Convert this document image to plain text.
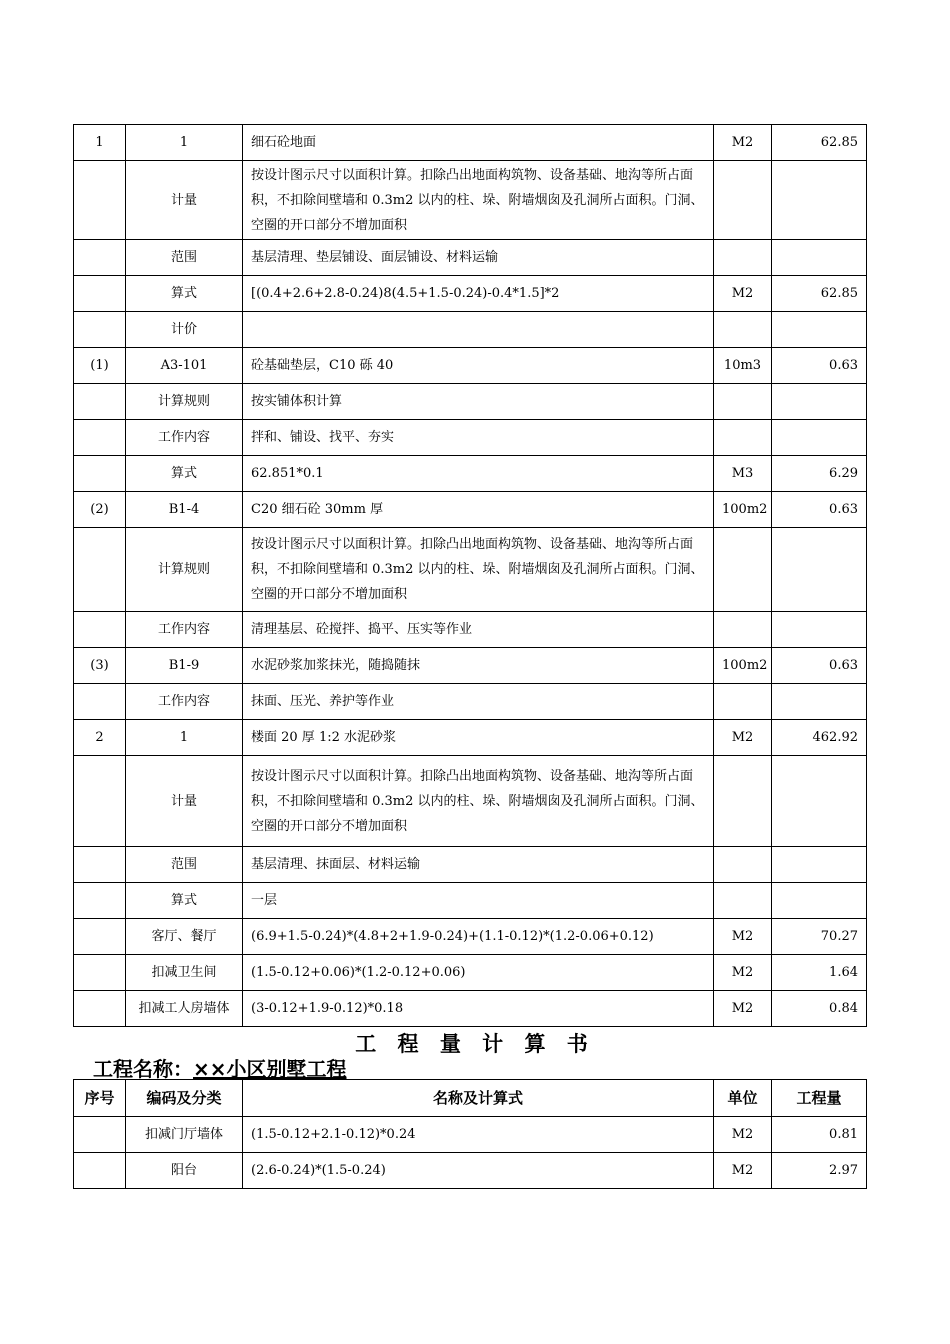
1	1	细石砼地面	M2	62.85
	计量	按设计图示尺寸以面积计算。扣除凸出地面构筑物、设备基础、地沟等所占面积，不扣除间壁墙和 0.3m2 以内的柱、垛、附墙烟囱及孔洞所占面积。门洞、空圈的开口部分不增加面积		
	范围	基层清理、垫层铺设、面层铺设、材料运输		
	算式	[(0.4+2.6+2.8-0.24)8(4.5+1.5-0.24)-0.4*1.5]*2	M2	62.85
	计价			
(1)	A3-101	砼基础垫层，C10 砾 40	10m3	0.63
	计算规则	按实铺体积计算		
	工作内容	拌和、铺设、找平、夯实		
	算式	62.851*0.1	M3	6.29
(2)	B1-4	C20 细石砼 30mm 厚	100m2	0.63
	计算规则	按设计图示尺寸以面积计算。扣除凸出地面构筑物、设备基础、地沟等所占面积，不扣除间壁墙和 0.3m2 以内的柱、垛、附墙烟囱及孔洞所占面积。门洞、空圈的开口部分不增加面积		
	工作内容	清理基层、砼搅拌、捣平、压实等作业		
(3)	B1-9	水泥砂浆加浆抹光，随捣随抹	100m2	0.63
	工作内容	抹面、压光、养护等作业		
2	1	楼面 20 厚 1:2 水泥砂浆	M2	462.92
	计量	按设计图示尺寸以面积计算。扣除凸出地面构筑物、设备基础、地沟等所占面积，不扣除间壁墙和 0.3m2 以内的柱、垛、附墙烟囱及孔洞所占面积。门洞、空圈的开口部分不增加面积		
	范围	基层清理、抹面层、材料运输		
	算式	一层		
	客厅、餐厅	(6.9+1.5-0.24)*(4.8+2+1.9-0.24)+(1.1-0.12)*(1.2-0.06+0.12)	M2	70.27
	扣减卫生间	(1.5-0.12+0.06)*(1.2-0.12+0.06)	M2	1.64
	扣减工人房墙体	(3-0.12+1.9-0.12)*0.18	M2	0.84
工 程 量 计 算 书
工程名称：××小区别墅工程
序号	编码及分类	名称及计算式	单位	工程量
	扣减门厅墙体	(1.5-0.12+2.1-0.12)*0.24	M2	0.81
	阳台	(2.6-0.24)*(1.5-0.24)	M2	2.97
